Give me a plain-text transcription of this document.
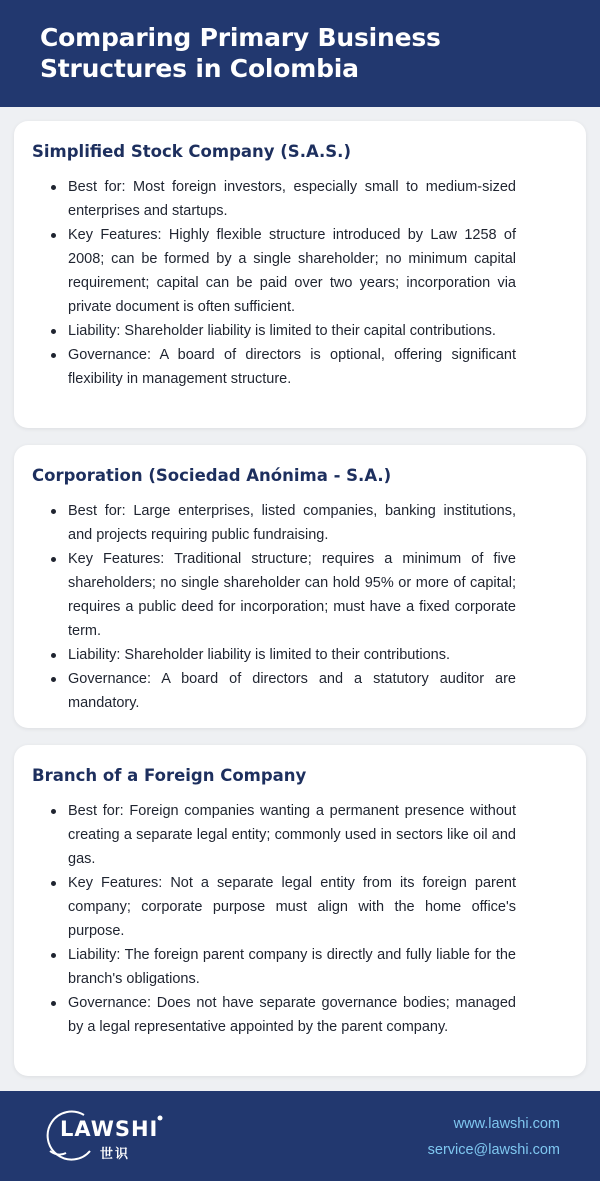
Comparing Primary Business Structures in Colombia
Simplified Stock Company (S.A.S.)
Best for: Most foreign investors, especially small to medium-sized enterprises and startups.
Key Features: Highly flexible structure introduced by Law 1258 of 2008; can be formed by a single shareholder; no minimum capital requirement; capital can be paid over two years; incorporation via private document is often sufficient.
Liability: Shareholder liability is limited to their capital contributions.
Governance: A board of directors is optional, offering significant flexibility in management structure.
Corporation (Sociedad Anónima - S.A.)
Best for: Large enterprises, listed companies, banking institutions, and projects requiring public fundraising.
Key Features: Traditional structure; requires a minimum of five shareholders; no single shareholder can hold 95% or more of capital; requires a public deed for incorporation; must have a fixed corporate term.
Liability: Shareholder liability is limited to their contributions.
Governance: A board of directors and a statutory auditor are mandatory.
Branch of a Foreign Company
Best for: Foreign companies wanting a permanent presence without creating a separate legal entity; commonly used in sectors like oil and gas.
Key Features: Not a separate legal entity from its foreign parent company; corporate purpose must align with the home office's purpose.
Liability: The foreign parent company is directly and fully liable for the branch's obligations.
Governance: Does not have separate governance bodies; managed by a legal representative appointed by the parent company.
LAWSHI
世识
www.lawshi.com
service@lawshi.com
